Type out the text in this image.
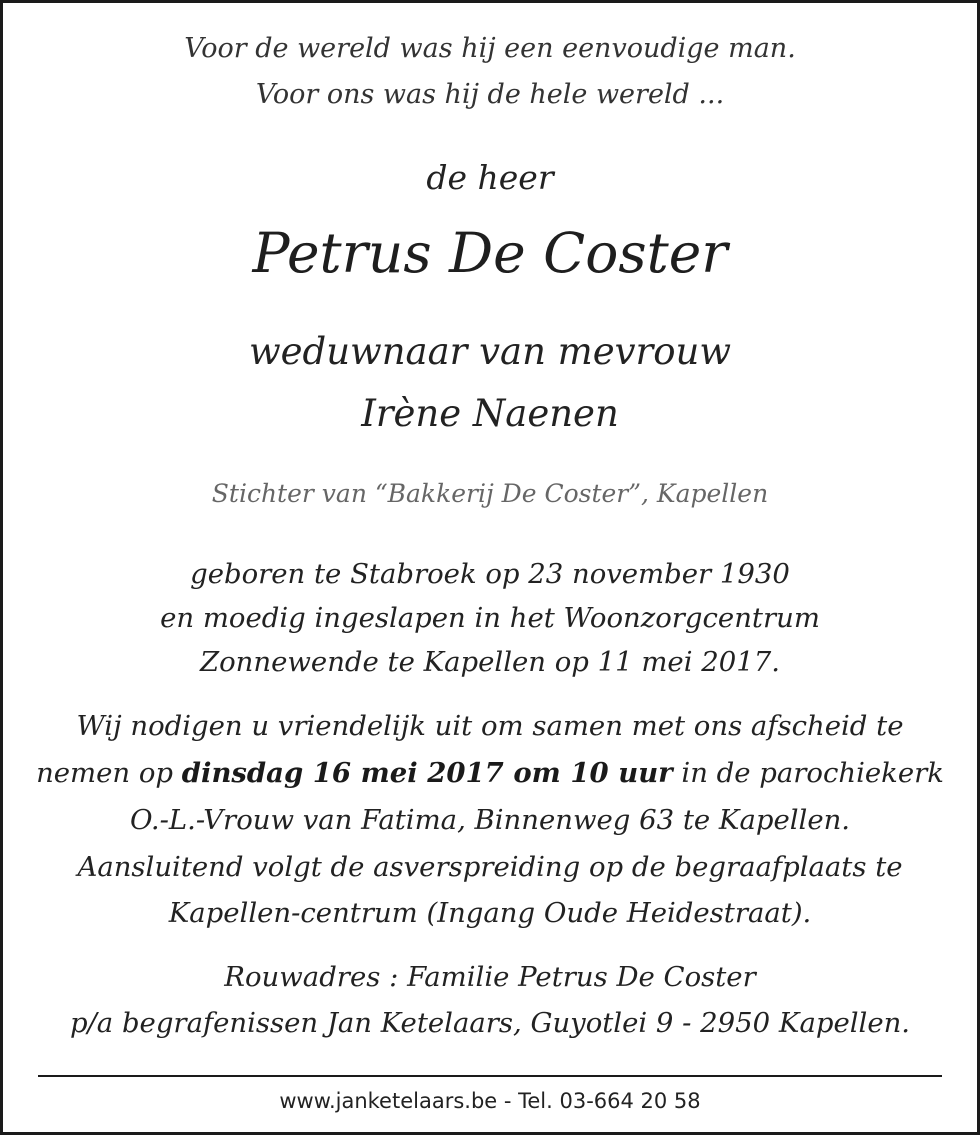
Voor de wereld was hij een eenvoudige man.
Voor ons was hij de hele wereld ...
de heer
Petrus De Coster
weduwnaar van mevrouw
Irène Naenen
Stichter van “Bakkerij De Coster”, Kapellen
geboren te Stabroek op 23 november 1930
en moedig ingeslapen in het Woonzorgcentrum
Zonnewende te Kapellen op 11 mei 2017.
Wij nodigen u vriendelijk uit om samen met ons afscheid te
nemen op dinsdag 16 mei 2017 om 10 uur in de parochiekerk
O.-L.-Vrouw van Fatima, Binnenweg 63 te Kapellen.
Aansluitend volgt de asverspreiding op de begraafplaats te
Kapellen-centrum (Ingang Oude Heidestraat).
Rouwadres : Familie Petrus De Coster
p/a begrafenissen Jan Ketelaars, Guyotlei 9 - 2950 Kapellen.
www.janketelaars.be - Tel. 03-664 20 58
